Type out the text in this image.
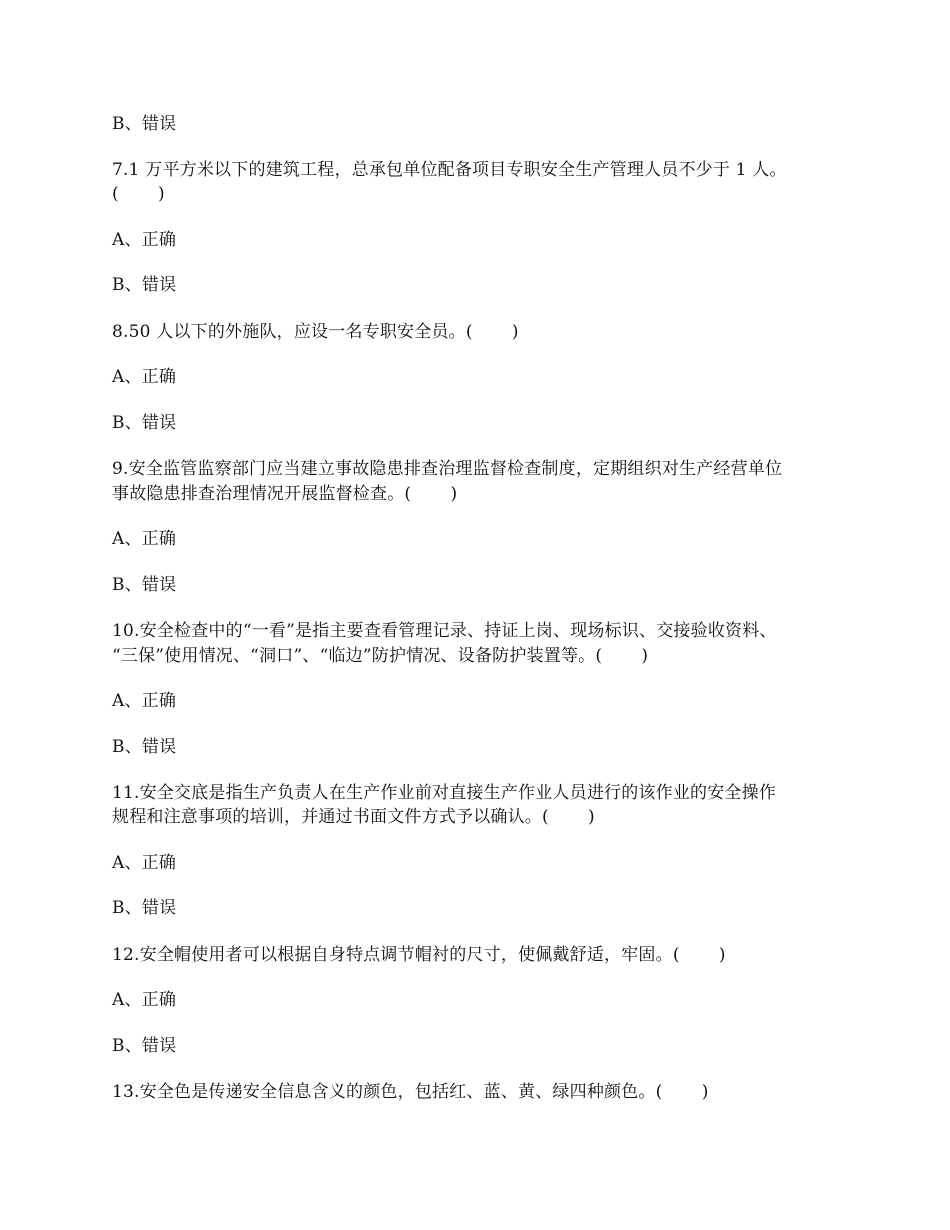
B、错误
7.1 万平方米以下的建筑工程，总承包单位配备项目专职安全生产管理人员不少于 1 人。
(       )
A、正确
B、错误
8.50 人以下的外施队，应设一名专职安全员。(       )
A、正确
B、错误
9.安全监管监察部门应当建立事故隐患排查治理监督检查制度，定期组织对生产经营单位
事故隐患排查治理情况开展监督检查。(       )
A、正确
B、错误
10.安全检查中的“一看”是指主要查看管理记录、持证上岗、现场标识、交接验收资料、
“三保”使用情况、“洞口”、“临边”防护情况、设备防护装置等。(       )
A、正确
B、错误
11.安全交底是指生产负责人在生产作业前对直接生产作业人员进行的该作业的安全操作
规程和注意事项的培训，并通过书面文件方式予以确认。(       )
A、正确
B、错误
12.安全帽使用者可以根据自身特点调节帽衬的尺寸，使佩戴舒适，牢固。(       )
A、正确
B、错误
13.安全色是传递安全信息含义的颜色，包括红、蓝、黄、绿四种颜色。(       )
